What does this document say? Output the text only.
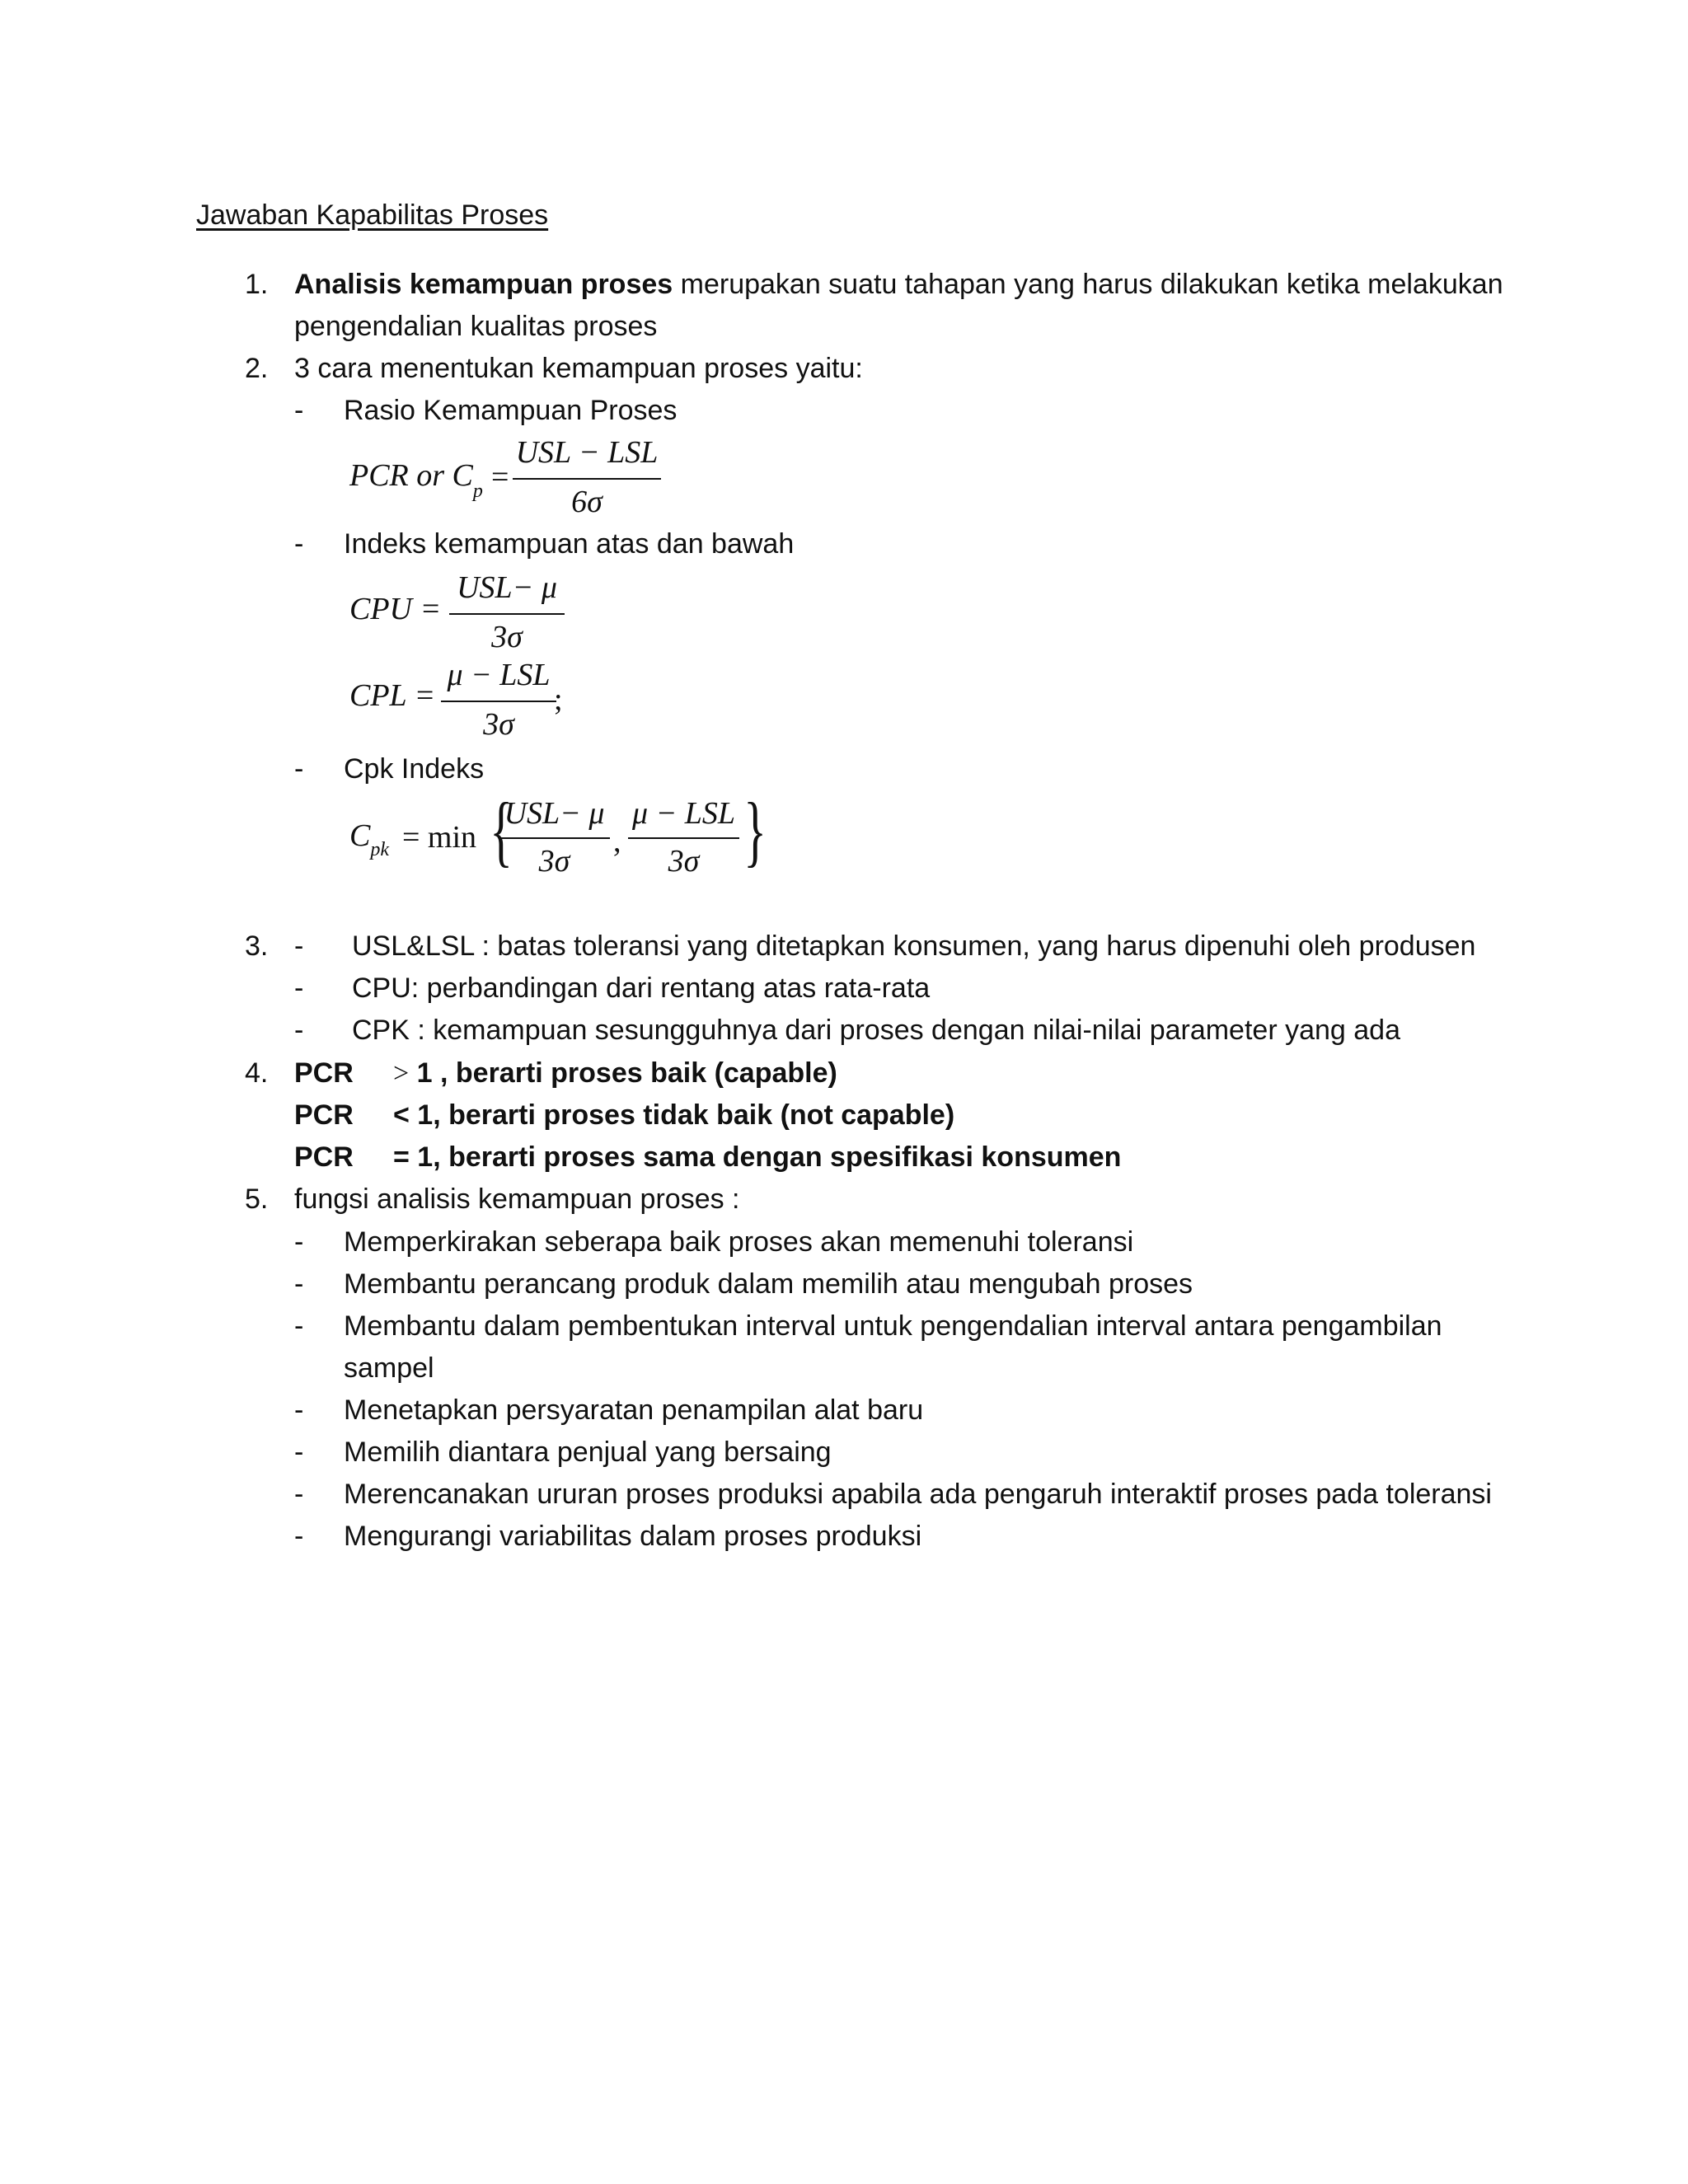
Jawaban Kapabilitas Proses
1. Analisis kemampuan proses merupakan suatu tahapan yang harus dilakukan ketika melakukan
pengendalian kualitas proses
2. 3 cara menentukan kemampuan proses yaitu:
- Rasio Kemampuan Proses
PCR or $C_p$ =
USL − LSL
6σ
- Indeks kemampuan atas dan bawah
CPU =
USL− μ
3σ
CPL =
μ − LSL
3σ
;
- Cpk Indeks
$C_{pk} = \min$ {
USL− μ
3σ
,
μ − LSL
3σ }
3. - USL&LSL : batas toleransi yang ditetapkan konsumen, yang harus dipenuhi oleh produsen
- CPU: perbandingan dari rentang atas rata-rata
- CPK : kemampuan sesungguhnya dari proses dengan nilai-nilai parameter yang ada
4. PCR > 1 , berarti proses baik (capable)
PCR < 1, berarti proses tidak baik (not capable)
PCR = 1, berarti proses sama dengan spesifikasi konsumen
5. fungsi analisis kemampuan proses :
- Memperkirakan seberapa baik proses akan memenuhi toleransi
- Membantu perancang produk dalam memilih atau mengubah proses
- Membantu dalam pembentukan interval untuk pengendalian interval antara pengambilan
sampel
- Menetapkan persyaratan penampilan alat baru
- Memilih diantara penjual yang bersaing
- Merencanakan ururan proses produksi apabila ada pengaruh interaktif proses pada toleransi
- Mengurangi variabilitas dalam proses produksi
